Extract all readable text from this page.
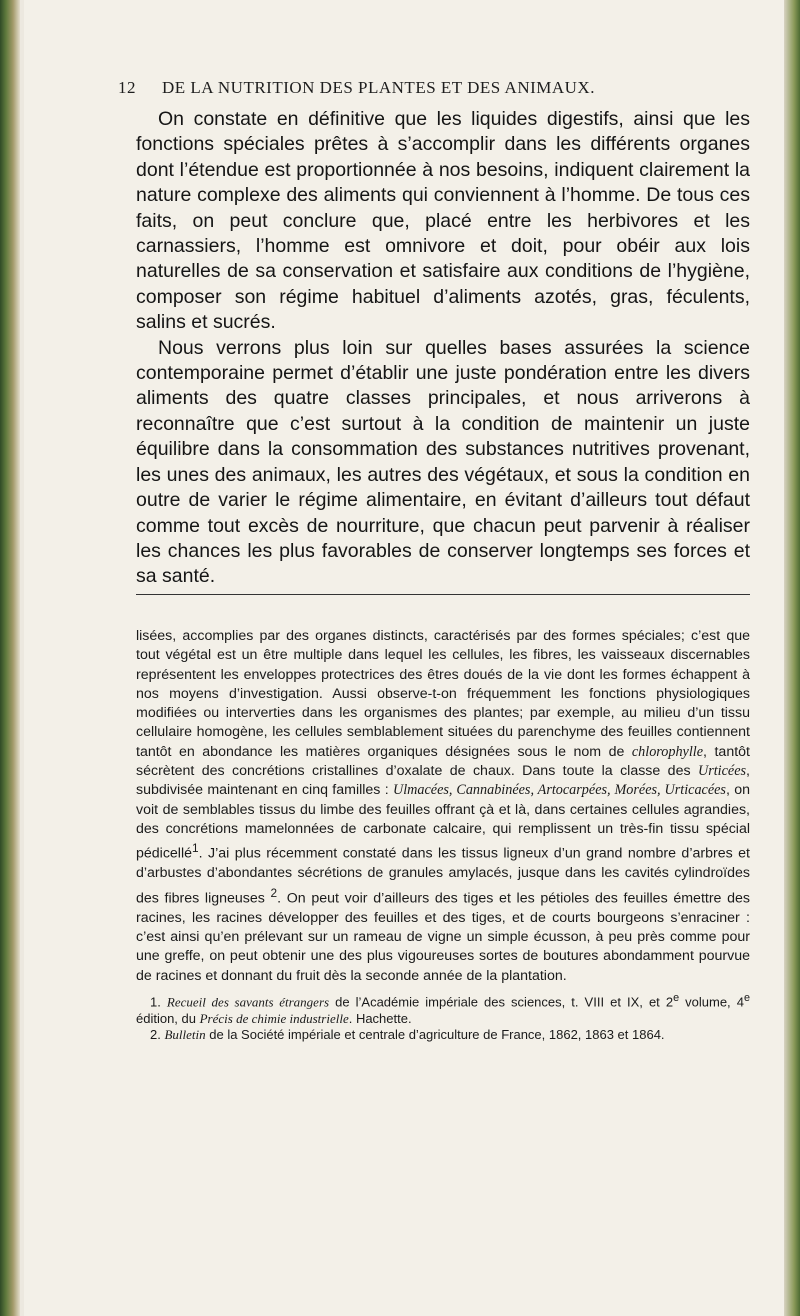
12 DE LA NUTRITION DES PLANTES ET DES ANIMAUX.

On constate en définitive que les liquides digestifs, ainsi que les fonctions spéciales prêtes à s’accomplir dans les différents organes dont l’étendue est proportionnée à nos besoins, indiquent clairement la nature complexe des aliments qui conviennent à l’homme. De tous ces faits, on peut conclure que, placé entre les herbivores et les carnassiers, l’homme est omnivore et doit, pour obéir aux lois naturelles de sa conservation et satisfaire aux conditions de l’hygiène, composer son régime habituel d’aliments azotés, gras, féculents, salins et sucrés.

Nous verrons plus loin sur quelles bases assurées la science contemporaine permet d’établir une juste pondération entre les divers aliments des quatre classes principales, et nous arriverons à reconnaître que c’est surtout à la condition de maintenir un juste équilibre dans la consommation des substances nutritives provenant, les unes des animaux, les autres des végétaux, et sous la condition en outre de varier le régime alimentaire, en évitant d’ailleurs tout défaut comme tout excès de nourriture, que chacun peut parvenir à réaliser les chances les plus favorables de conserver longtemps ses forces et sa santé.

lisées, accomplies par des organes distincts, caractérisés par des formes spéciales; c’est que tout végétal est un être multiple dans lequel les cellules, les fibres, les vaisseaux discernables représentent les enveloppes protectrices des êtres doués de la vie dont les formes échappent à nos moyens d’investigation. Aussi observe-t-on fréquemment les fonctions physiologiques modifiées ou interverties dans les organismes des plantes; par exemple, au milieu d’un tissu cellulaire homogène, les cellules semblablement situées du parenchyme des feuilles contiennent tantôt en abondance les matières organiques désignées sous le nom de chlorophylle, tantôt sécrètent des concrétions cristallines d’oxalate de chaux. Dans toute la classe des Urticées, subdivisée maintenant en cinq familles : Ulmacées, Cannabinées, Artocarpées, Morées, Urticacées, on voit de semblables tissus du limbe des feuilles offrant çà et là, dans certaines cellules agrandies, des concrétions mamelonnées de carbonate calcaire, qui remplissent un très-fin tissu spécial pédicellé$^1$. J’ai plus récemment constaté dans les tissus ligneux d’un grand nombre d’arbres et d’arbustes d’abondantes sécrétions de granules amylacés, jusque dans les cavités cylindroïdes des fibres ligneuses $^2$. On peut voir d’ailleurs des tiges et les pétioles des feuilles émettre des racines, les racines développer des feuilles et des tiges, et de courts bourgeons s’enraciner : c’est ainsi qu’en prélevant sur un rameau de vigne un simple écusson, à peu près comme pour une greffe, on peut obtenir une des plus vigoureuses sortes de boutures abondamment pourvue de racines et donnant du fruit dès la seconde année de la plantation.

1. Recueil des savants étrangers de l’Académie impériale des sciences, t. VIII et IX, et 2e volume, 4e édition, du Précis de chimie industrielle. Hachette.

2. Bulletin de la Société impériale et centrale d’agriculture de France, 1862, 1863 et 1864.
